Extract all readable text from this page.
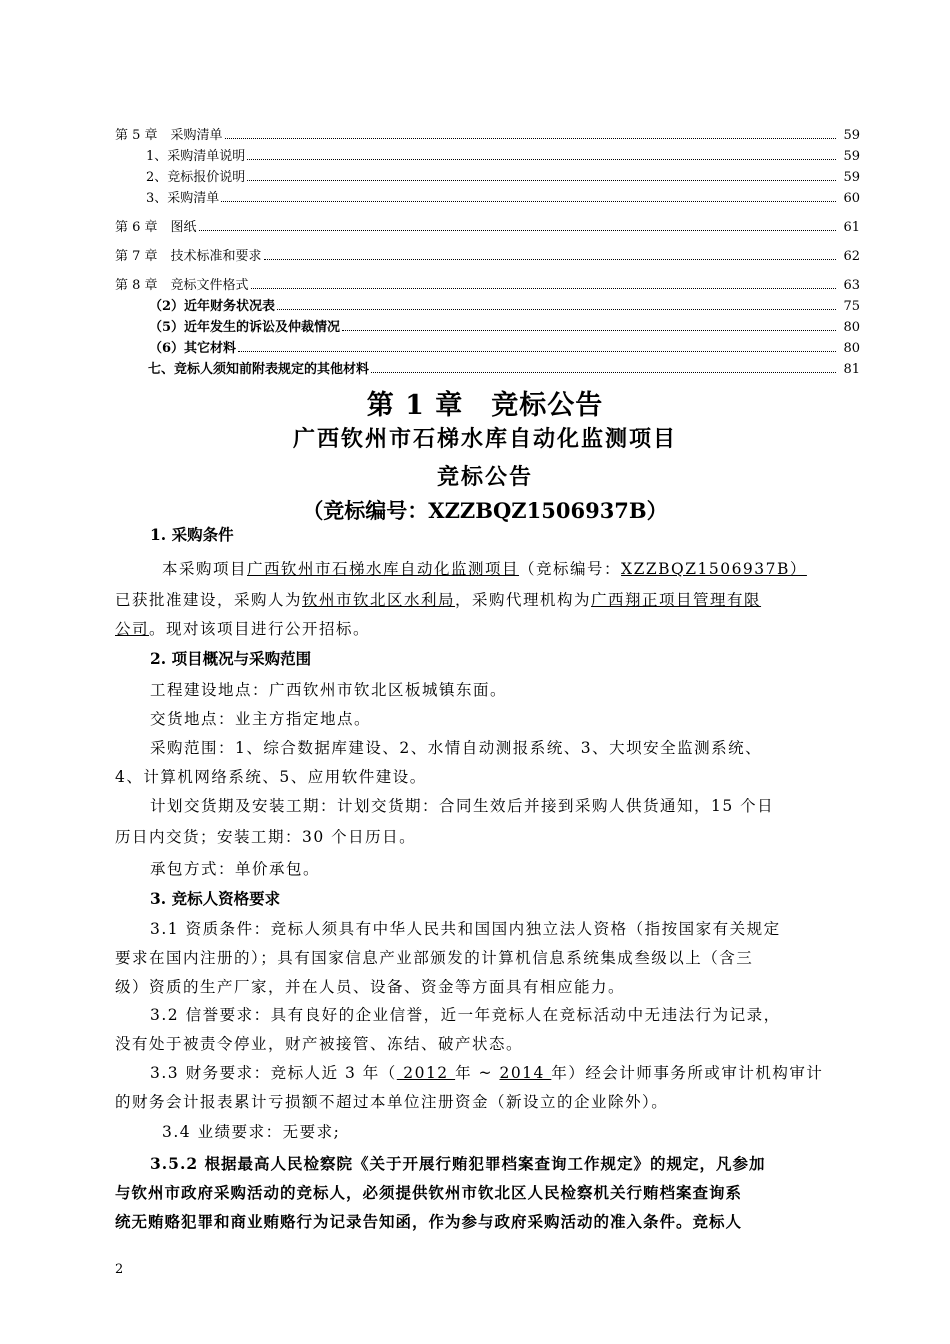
第 5 章　采购清单	59
1、采购清单说明	59
2、竞标报价说明	59
3、采购清单	60
第 6 章　图纸	61
第 7 章　技术标准和要求	62
第 8 章　竞标文件格式	63
（2）近年财务状况表	75
（5）近年发生的诉讼及仲裁情况	80
（6）其它材料	80
七、竞标人须知前附表规定的其他材料	81
第 1 章　竞标公告
广西钦州市石梯水库自动化监测项目
竞标公告
（竞标编号：XZZBQZ1506937B）
1. 采购条件
本采购项目广西钦州市石梯水库自动化监测项目（竞标编号：XZZBQZ1506937B）
已获批准建设，采购人为钦州市钦北区水利局，采购代理机构为广西翔正项目管理有限
公司。现对该项目进行公开招标。
2. 项目概况与采购范围
工程建设地点：广西钦州市钦北区板城镇东面。
交货地点：业主方指定地点。
采购范围：1、综合数据库建设、2、水情自动测报系统、3、大坝安全监测系统、
4、计算机网络系统、5、应用软件建设。
计划交货期及安装工期：计划交货期：合同生效后并接到采购人供货通知，15 个日
历日内交货；安装工期：30 个日历日。
承包方式：单价承包。
3. 竞标人资格要求
3.1 资质条件：竞标人须具有中华人民共和国国内独立法人资格（指按国家有关规定
要求在国内注册的）；具有国家信息产业部颁发的计算机信息系统集成叁级以上（含三
级）资质的生产厂家，并在人员、设备、资金等方面具有相应能力。
3.2 信誉要求：具有良好的企业信誉，近一年竞标人在竞标活动中无违法行为记录，
没有处于被责令停业，财产被接管、冻结、破产状态。
3.3 财务要求：竞标人近 3 年（ 2012 年 ~ 2014 年）经会计师事务所或审计机构审计
的财务会计报表累计亏损额不超过本单位注册资金（新设立的企业除外）。
3.4 业绩要求：无要求;
3.5.2 根据最高人民检察院《关于开展行贿犯罪档案查询工作规定》的规定，凡参加
与钦州市政府采购活动的竞标人，必须提供钦州市钦北区人民检察机关行贿档案查询系
统无贿赂犯罪和商业贿赂行为记录告知函，作为参与政府采购活动的准入条件。竞标人
2
